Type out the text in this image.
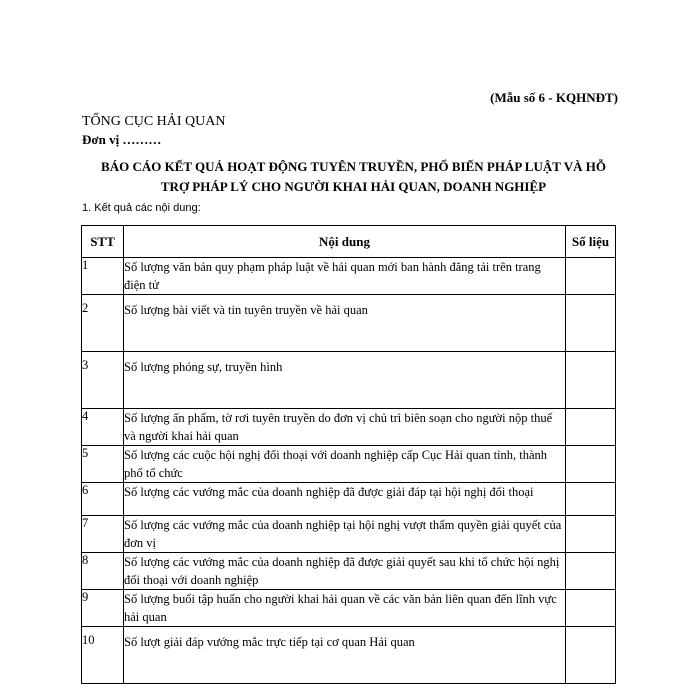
(Mẫu số 6 - KQHNĐT)
TỔNG CỤC HẢI QUAN
Đơn vị ………
BÁO CÁO KẾT QUẢ HOẠT ĐỘNG TUYÊN TRUYỀN, PHỔ BIẾN PHÁP LUẬT VÀ HỖ
TRỢ PHÁP LÝ CHO NGƯỜI KHAI HẢI QUAN, DOANH NGHIỆP
1. Kết quả các nội dung:
STT	Nội dung	Số liệu
1	Số lượng văn bản quy phạm pháp luật về hải quan mới ban hành đăng tải trên trang điện tử	
2	Số lượng bài viết và tin tuyên truyền về hải quan	
3	Số lượng phóng sự, truyền hình	
4	Số lượng ấn phẩm, tờ rơi tuyên truyền do đơn vị chủ trì biên soạn cho người nộp thuế và người khai hải quan	
5	Số lượng các cuộc hội nghị đối thoại với doanh nghiệp cấp Cục Hải quan tỉnh, thành phố tổ chức	
6	Số lượng các vướng mắc của doanh nghiệp đã được giải đáp tại hội nghị đối thoại	
7	Số lượng các vướng mắc của doanh nghiệp tại hội nghị vượt thẩm quyền giải quyết của đơn vị	
8	Số lượng các vướng mắc của doanh nghiệp đã được giải quyết sau khi tổ chức hội nghị đối thoại với doanh nghiệp	
9	Số lượng buổi tập huấn cho người khai hải quan về các văn bản liên quan đến lĩnh vực hải quan	
10	Số lượt giải đáp vướng mắc trực tiếp tại cơ quan Hải quan	
